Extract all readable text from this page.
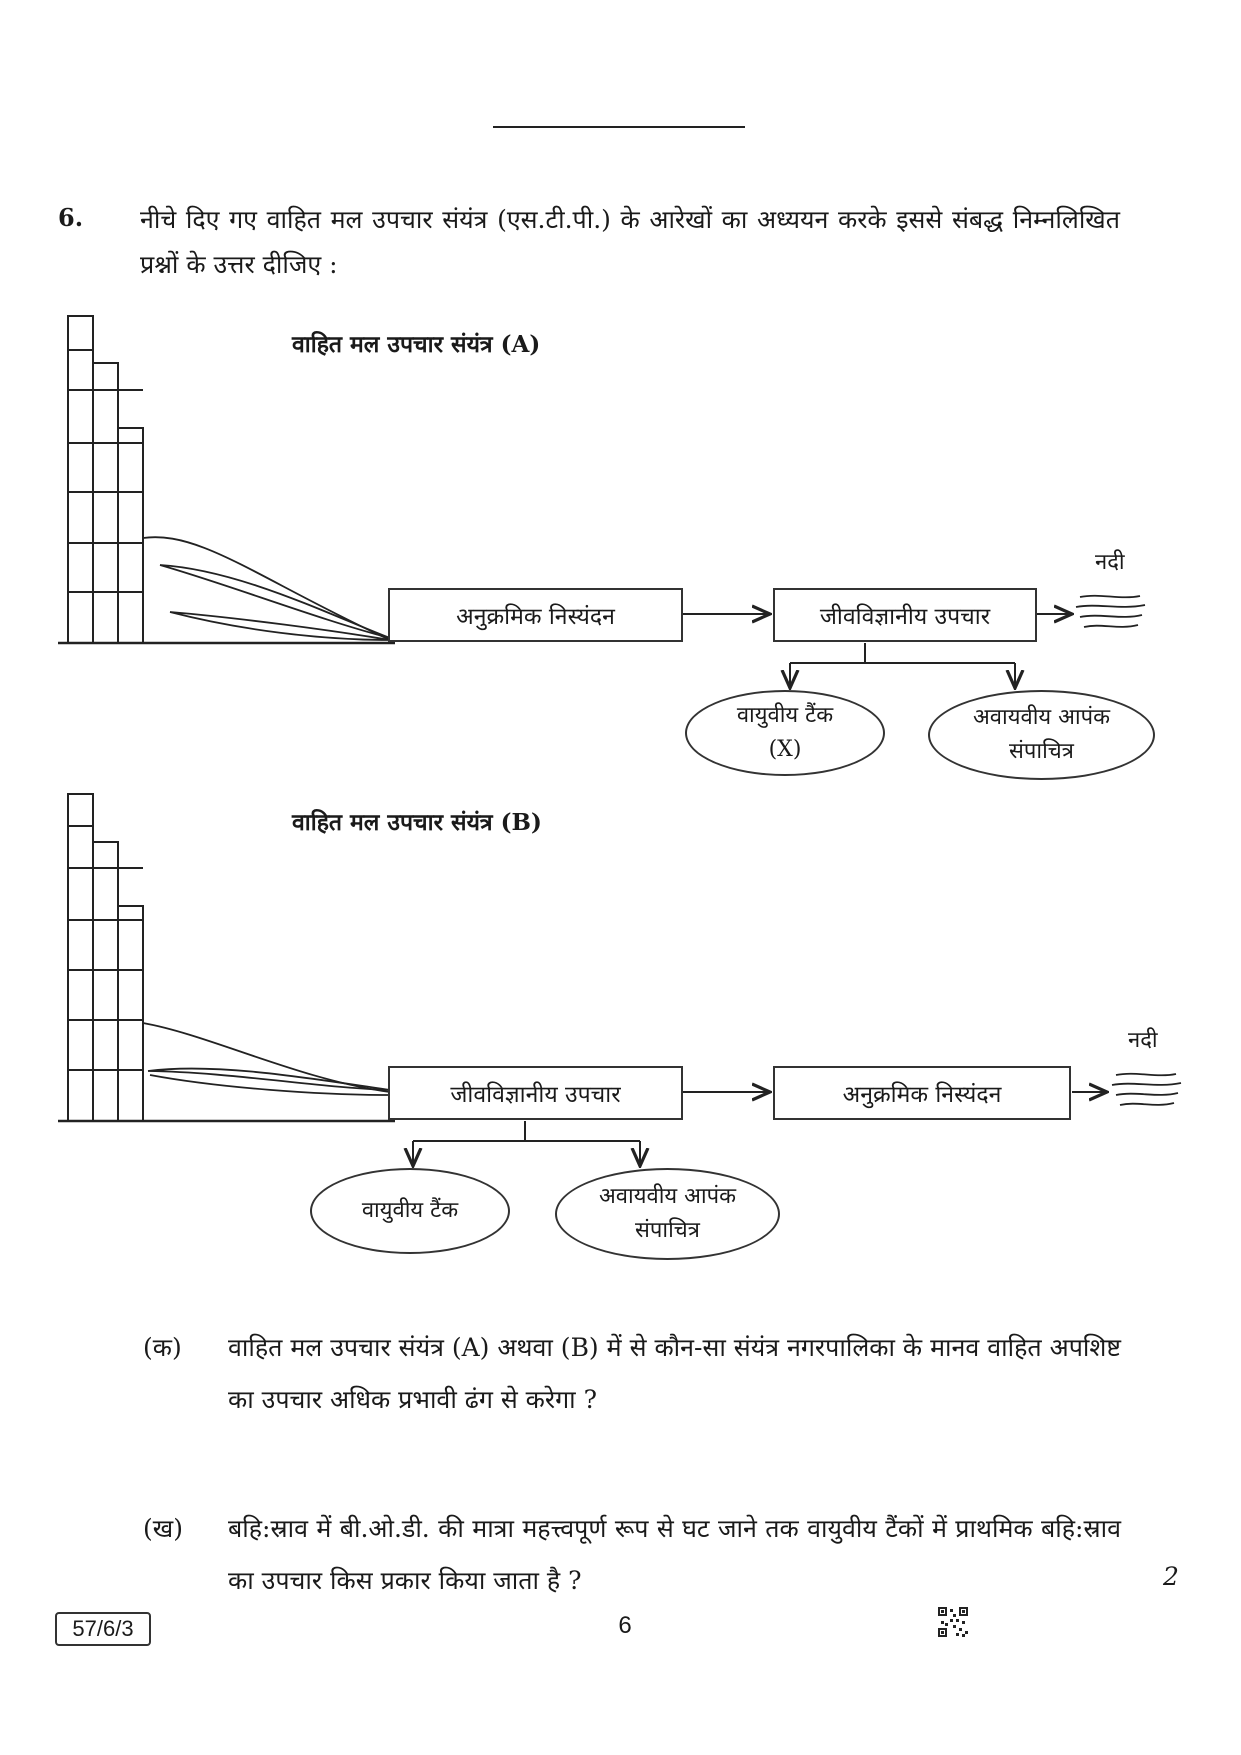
6. नीचे दिए गए वाहित मल उपचार संयंत्र (एस.टी.पी.) के आरेखों का अध्ययन करके इससे संबद्ध निम्नलिखित प्रश्नों के उत्तर दीजिए :
वाहित मल उपचार संयंत्र (A)
अनुक्रमिक निस्यंदन	जीवविज्ञानीय उपचार
नदी
वायुवीय टैंक
(X)
अवायवीय आपंक
संपाचित्र
वाहित मल उपचार संयंत्र (B)
जीवविज्ञानीय उपचार	अनुक्रमिक निस्यंदन
नदी
वायुवीय टैंक
अवायवीय आपंक
संपाचित्र
(क) वाहित मल उपचार संयंत्र (A) अथवा (B) में से कौन-सा संयंत्र नगरपालिका के मानव वाहित अपशिष्ट का उपचार अधिक प्रभावी ढंग से करेगा ?
(ख) बहि:स्राव में बी.ओ.डी. की मात्रा महत्त्वपूर्ण रूप से घट जाने तक वायुवीय टैंकों में प्राथमिक बहि:स्राव का उपचार किस प्रकार किया जाता है ?	2
57/6/3	6
